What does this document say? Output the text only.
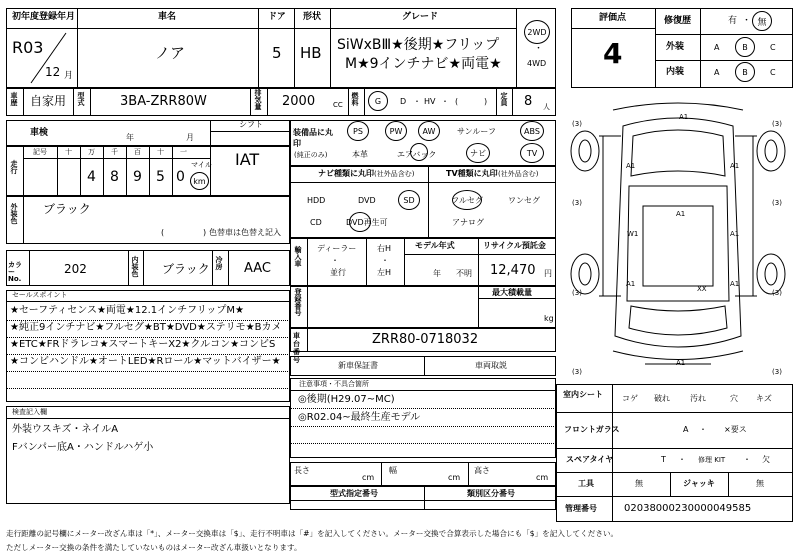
初年度登録年月
R03
12 月
車名
ノア
ドア
5
形状
HB
グレード
SiWxBⅢ★後期★フリップ
M★9インチナビ★両電★
2WD
・
4WD
評価点
4
修復歴	有 ・ 無
外装	A	B	C
内装	A	B	C
車歴 自家用 型式	3BA-ZRR80W	排気量 2000	CC 燃料 G D ・ HV ・ (	) 定員 8 人
車検	年	月
シフト
IAT
走行
記号	十 万 千 百 十 一
4 8 9 5 0
マイル
km
外装色 ブラック
(	) 色替車は色替え記入
カラーNo.
202	内装色 ブラック 冷房 AAC
セールスポイント
★セーフティセンス★両電★12.1インチフリップM★
★純正9インチナビ★フルセグ★BT★DVD★ステリモ★Bカメ
★ETC★FRドラレコ★スマートキーX2★クルコン★コンビS
★コンビハンドル★オートLED★Rロール★マットバイザー★
検査記入欄
外装ウスキズ・ネイルA
Fバンパー底A・ハンドルハゲ小
装備品に丸印
(純正のみ)
PS	PW	AW	サンルーフ	ABS
本革	エアバック	ナビ	TV
ナビ種類に丸印 (社外品含む)	TV種類に丸印 (社外品含む)
HDD	DVD	SD
CD	DVD再生可
フルセグ	ワンセグ
アナログ
輸入車 ディーラー
・
並行
右H
・
左H
モデル年式
年 不明
リサイクル預託金
12,470 円
登録番号	最大積載量
kg
車台番号
ZRR80-0718032
新車保証書	車両取説
注意事項・不具合箇所
◎後期(H29.07~MC)
◎R02.04~最終生産モデル
長さ
cm
幅
cm
高さ
cm
型式指定番号	類別区分番号
A1
A1	A1
A1
W1	A1
XX
A1	A1
A1
(3)	(3)
(3)	(3)
(3)	(3)
(3)	(3)
室内シート	コゲ 破れ	汚れ	穴 キズ
フロントガラス	A ・ ×要ス
スペアタイヤ	T ・ 修理 KIT ・ 欠
工具	無	ジャッキ	無
管理番号	02038000230000049585
走行距離の記号欄にメーター改ざん車は「*」、メーター交換車は「$」、走行不明車は「#」を記入してください。メーター交換で合算表示した場合にも「$」を記入してください。
ただしメーター交換の条件を満たしていないものはメーター改ざん車扱いとなります。
